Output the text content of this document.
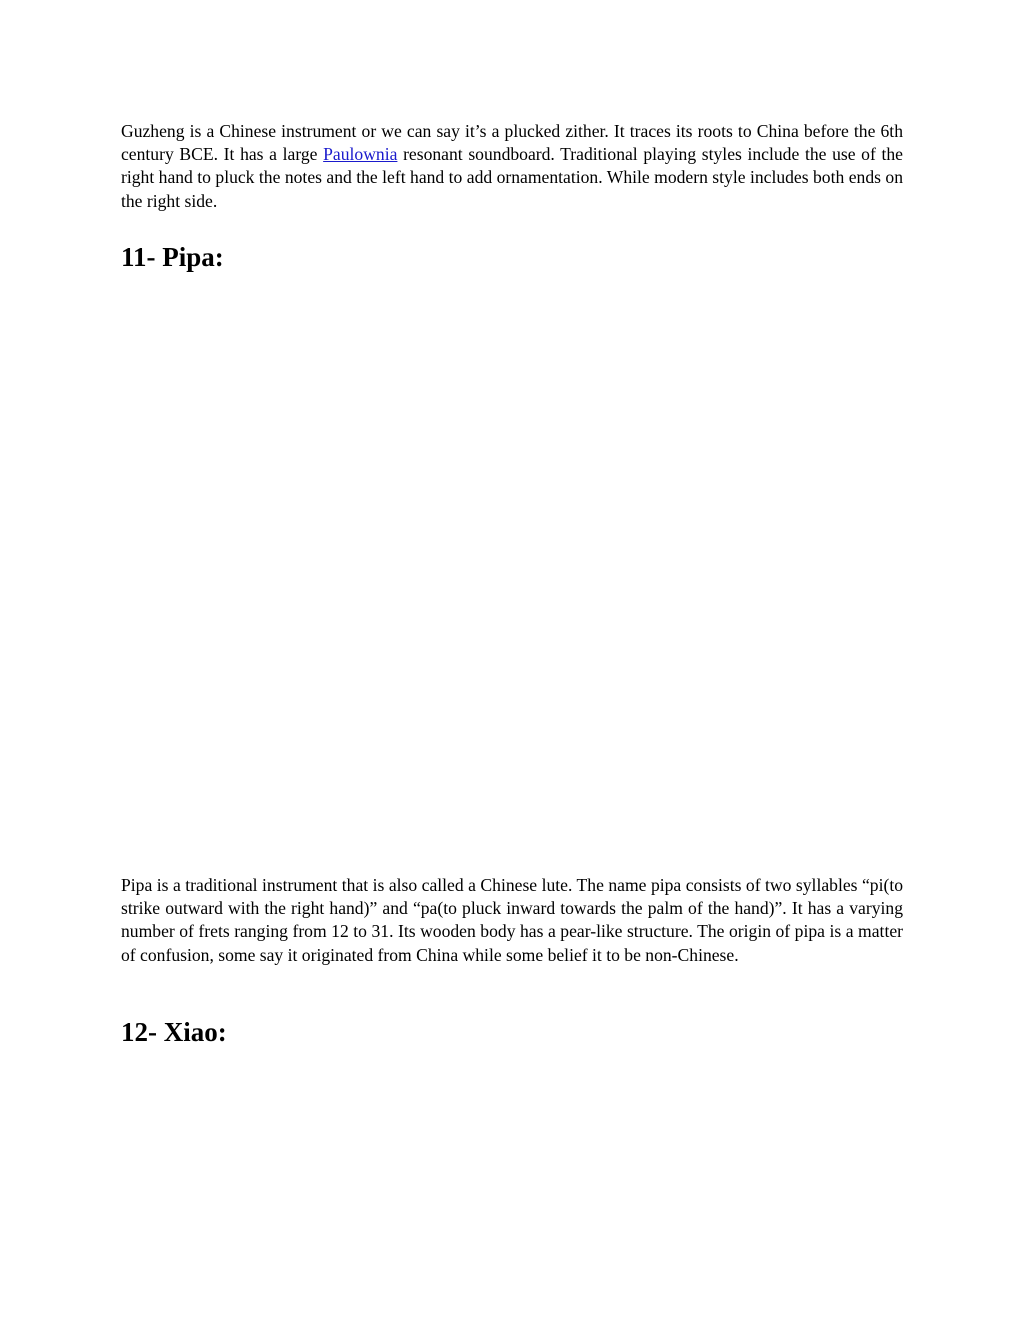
Guzheng is a Chinese instrument or we can say it’s a plucked zither. It traces its roots to China before the 6th century BCE. It has a large Paulownia resonant soundboard. Traditional playing styles include the use of the right hand to pluck the notes and the left hand to add ornamentation. While modern style includes both ends on the right side.

11- Pipa:

Pipa is a traditional instrument that is also called a Chinese lute. The name pipa consists of two syllables “pi(to strike outward with the right hand)” and “pa(to pluck inward towards the palm of the hand)”. It has a varying number of frets ranging from 12 to 31. Its wooden body has a pear-like structure. The origin of pipa is a matter of confusion, some say it originated from China while some belief it to be non-Chinese.

12- Xiao:
